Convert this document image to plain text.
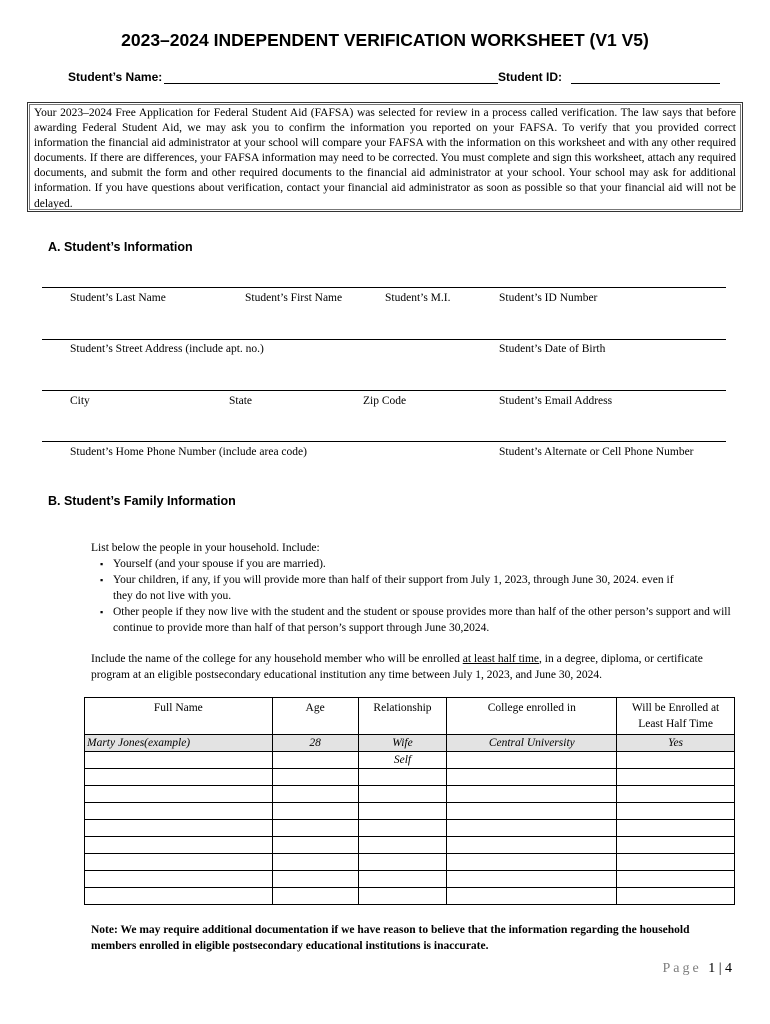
2023–2024 INDEPENDENT VERIFICATION WORKSHEET (V1 V5)
Student’s Name:	Student ID:
Your 2023–2024 Free Application for Federal Student Aid (FAFSA) was selected for review in a process called verification. The law says that before awarding Federal Student Aid, we may ask you to confirm the information you reported on your FAFSA. To verify that you provided correct information the financial aid administrator at your school will compare your FAFSA with the information on this worksheet and with any other required documents. If there are differences, your FAFSA information may need to be corrected. You must complete and sign this worksheet, attach any required documents, and submit the form and other required documents to the financial aid administrator at your school. Your school may ask for additional information. If you have questions about verification, contact your financial aid administrator as soon as possible so that your financial aid will not be delayed.
A. Student’s Information
Student’s Last Name	Student’s First Name	Student’s M.I.	Student’s ID Number
Student’s Street Address (include apt. no.)	Student’s Date of Birth
City	State	Zip Code	Student’s Email Address
Student’s Home Phone Number (include area code)	Student’s Alternate or Cell Phone Number
B. Student’s Family Information
List below the people in your household. Include:
▪ Yourself (and your spouse if you are married).
▪ Your children, if any, if you will provide more than half of their support from July 1, 2023, through June 30, 2024. even if they do not live with you.
▪ Other people if they now live with the student and the student or spouse provides more than half of the other person’s support and will continue to provide more than half of that person’s support through June 30,2024.
Include the name of the college for any household member who will be enrolled at least half time, in a degree, diploma, or certificate program at an eligible postsecondary educational institution any time between July 1, 2023, and June 30, 2024.
Full Name	Age	Relationship	College enrolled in	Will be Enrolled at Least Half Time
Marty Jones(example)	28	Wife	Central University	Yes
		Self		

Note: We may require additional documentation if we have reason to believe that the information regarding the household members enrolled in eligible postsecondary educational institutions is inaccurate.
Page 1 | 4
